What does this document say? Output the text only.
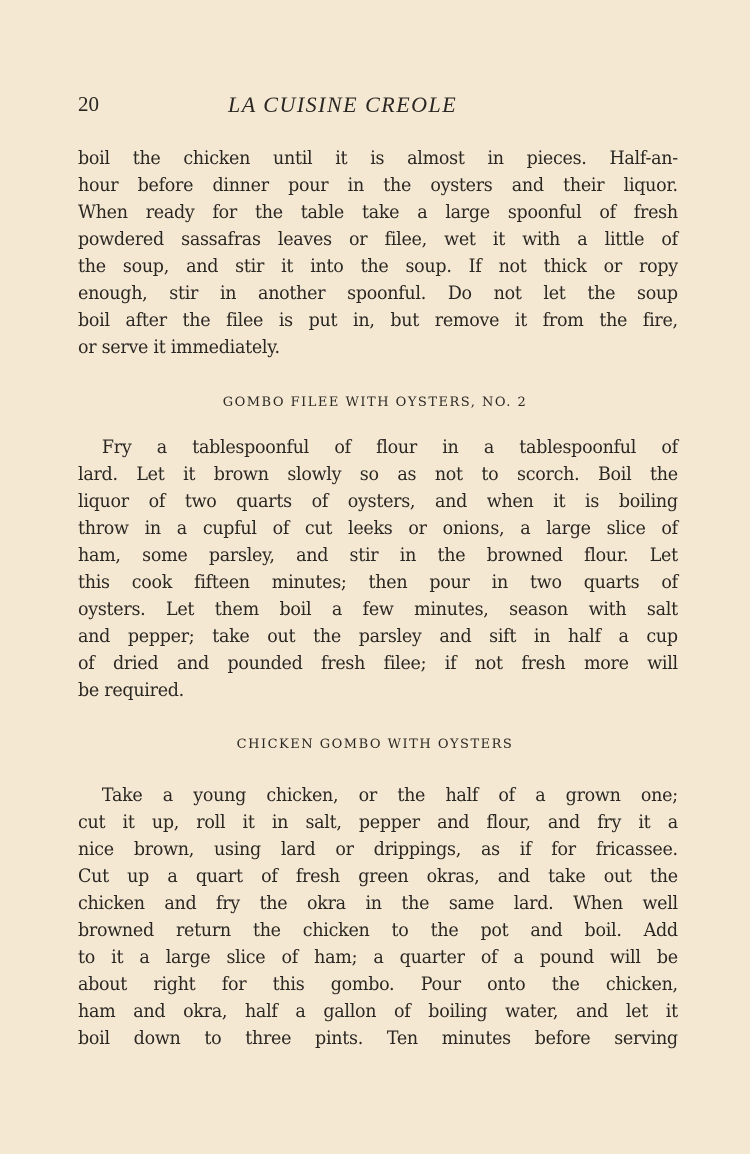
20	LA CUISINE CREOLE
boil the chicken until it is almost in pieces. Half-an-
hour before dinner pour in the oysters and their liquor.
When ready for the table take a large spoonful of fresh
powdered sassafras leaves or filee, wet it with a little of
the soup, and stir it into the soup. If not thick or ropy
enough, stir in another spoonful. Do not let the soup
boil after the filee is put in, but remove it from the fire,
or serve it immediately.
GOMBO FILEE WITH OYSTERS, NO. 2
Fry a tablespoonful of flour in a tablespoonful of
lard. Let it brown slowly so as not to scorch. Boil the
liquor of two quarts of oysters, and when it is boiling
throw in a cupful of cut leeks or onions, a large slice of
ham, some parsley, and stir in the browned flour. Let
this cook fifteen minutes; then pour in two quarts of
oysters. Let them boil a few minutes, season with salt
and pepper; take out the parsley and sift in half a cup
of dried and pounded fresh filee; if not fresh more will
be required.
CHICKEN GOMBO WITH OYSTERS
Take a young chicken, or the half of a grown one;
cut it up, roll it in salt, pepper and flour, and fry it a
nice brown, using lard or drippings, as if for fricassee.
Cut up a quart of fresh green okras, and take out the
chicken and fry the okra in the same lard. When well
browned return the chicken to the pot and boil. Add
to it a large slice of ham; a quarter of a pound will be
about right for this gombo. Pour onto the chicken,
ham and okra, half a gallon of boiling water, and let it
boil down to three pints. Ten minutes before serving
